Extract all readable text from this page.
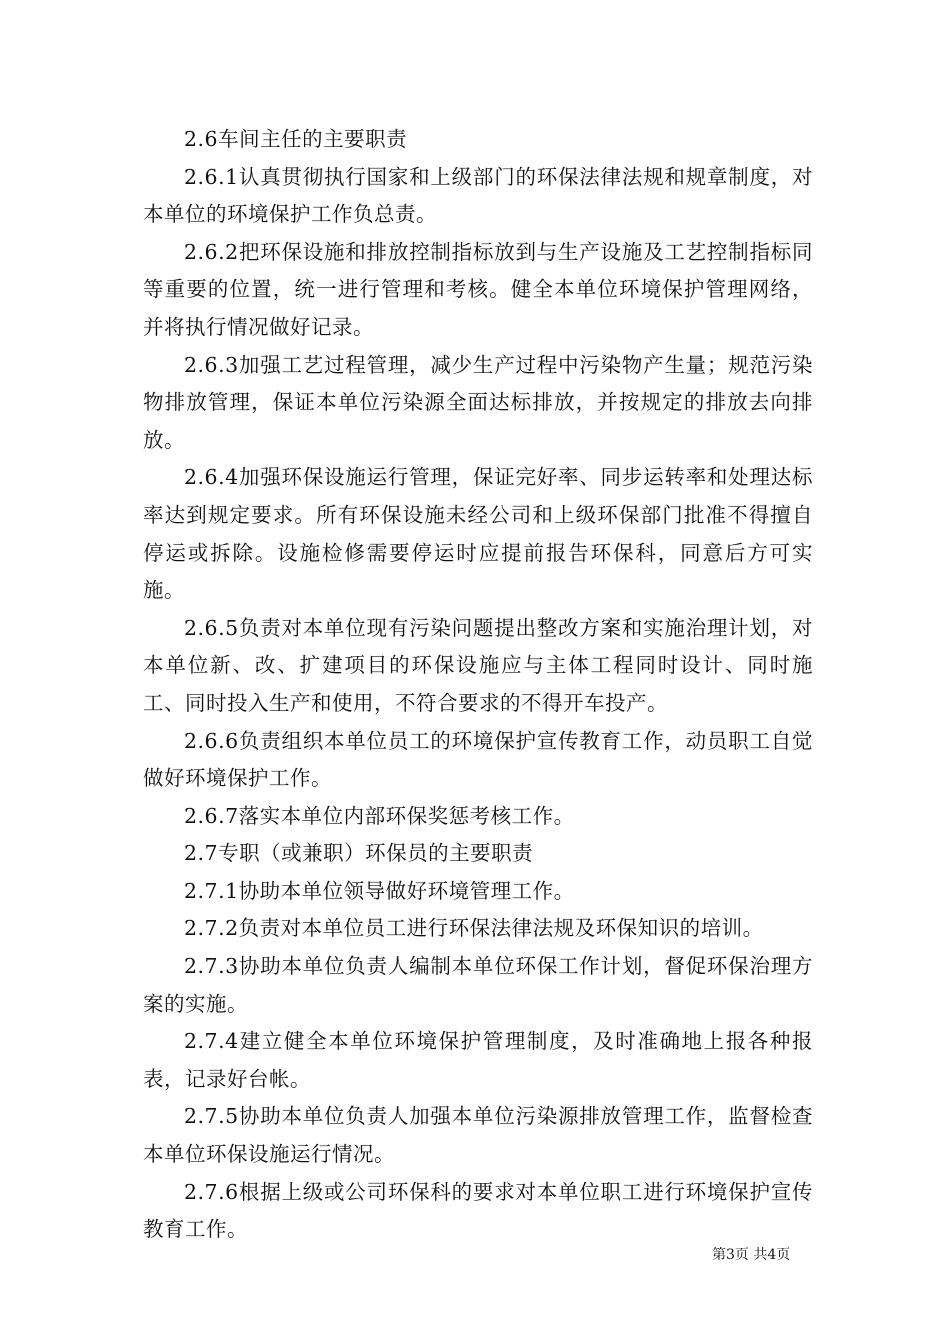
2.6车间主任的主要职责

2.6.1认真贯彻执行国家和上级部门的环保法律法规和规章制度，对本单位的环境保护工作负总责。

2.6.2把环保设施和排放控制指标放到与生产设施及工艺控制指标同等重要的位置，统一进行管理和考核。健全本单位环境保护管理网络，并将执行情况做好记录。

2.6.3加强工艺过程管理，减少生产过程中污染物产生量；规范污染物排放管理，保证本单位污染源全面达标排放，并按规定的排放去向排放。

2.6.4加强环保设施运行管理，保证完好率、同步运转率和处理达标率达到规定要求。所有环保设施未经公司和上级环保部门批准不得擅自停运或拆除。设施检修需要停运时应提前报告环保科，同意后方可实施。

2.6.5负责对本单位现有污染问题提出整改方案和实施治理计划，对本单位新、改、扩建项目的环保设施应与主体工程同时设计、同时施工、同时投入生产和使用，不符合要求的不得开车投产。

2.6.6负责组织本单位员工的环境保护宣传教育工作，动员职工自觉做好环境保护工作。

2.6.7落实本单位内部环保奖惩考核工作。

2.7专职（或兼职）环保员的主要职责

2.7.1协助本单位领导做好环境管理工作。

2.7.2负责对本单位员工进行环保法律法规及环保知识的培训。

2.7.3协助本单位负责人编制本单位环保工作计划，督促环保治理方案的实施。

2.7.4建立健全本单位环境保护管理制度，及时准确地上报各种报表，记录好台帐。

2.7.5协助本单位负责人加强本单位污染源排放管理工作，监督检查本单位环保设施运行情况。

2.7.6根据上级或公司环保科的要求对本单位职工进行环境保护宣传教育工作。

第3页 共4页
